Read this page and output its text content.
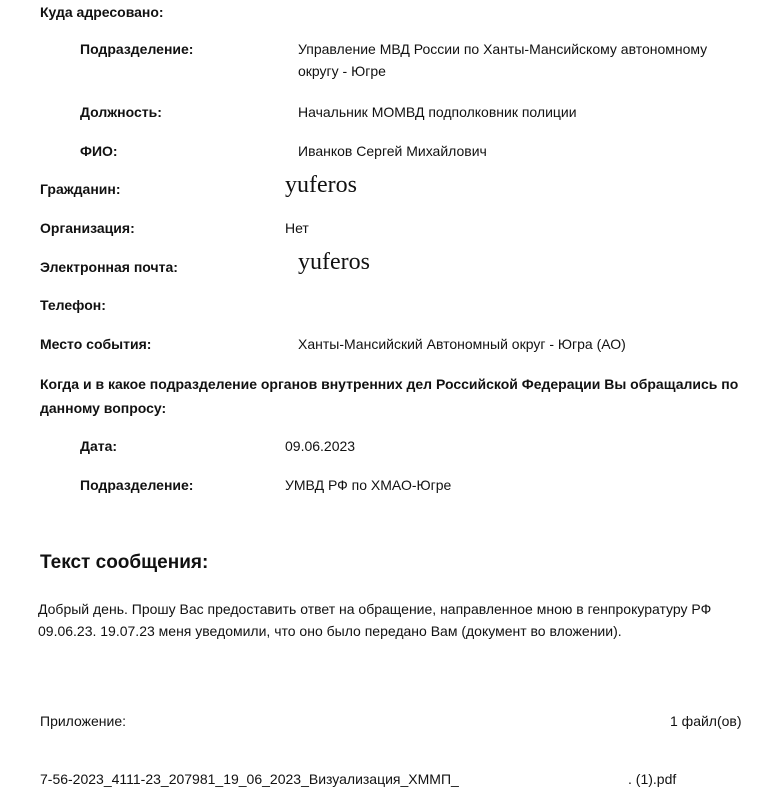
Куда адресовано:
Подразделение:	Управление МВД России по Ханты-Мансийскому автономному округу - Югре
Должность:	Начальник МОМВД подполковник полиции
ФИО:	Иванков Сергей Михайлович
Гражданин:	yuferos
Организация:	Нет
Электронная почта:	yuferos
Телефон:
Место события:	Ханты-Мансийский Автономный округ - Югра (АО)
Когда и в какое подразделение органов внутренних дел Российской Федерации Вы обращались по данному вопросу:
Дата:	09.06.2023
Подразделение:	УМВД РФ по ХМАО-Югре
Текст сообщения:
Добрый день. Прошу Вас предоставить ответ на обращение, направленное мною в генпрокуратуру РФ 09.06.23. 19.07.23 меня уведомили, что оно было передано Вам (документ во вложении).
Приложение:	1 файл(ов)
7-56-2023_4111-23_207981_19_06_2023_Визуализация_ХММП_	. (1).pdf
